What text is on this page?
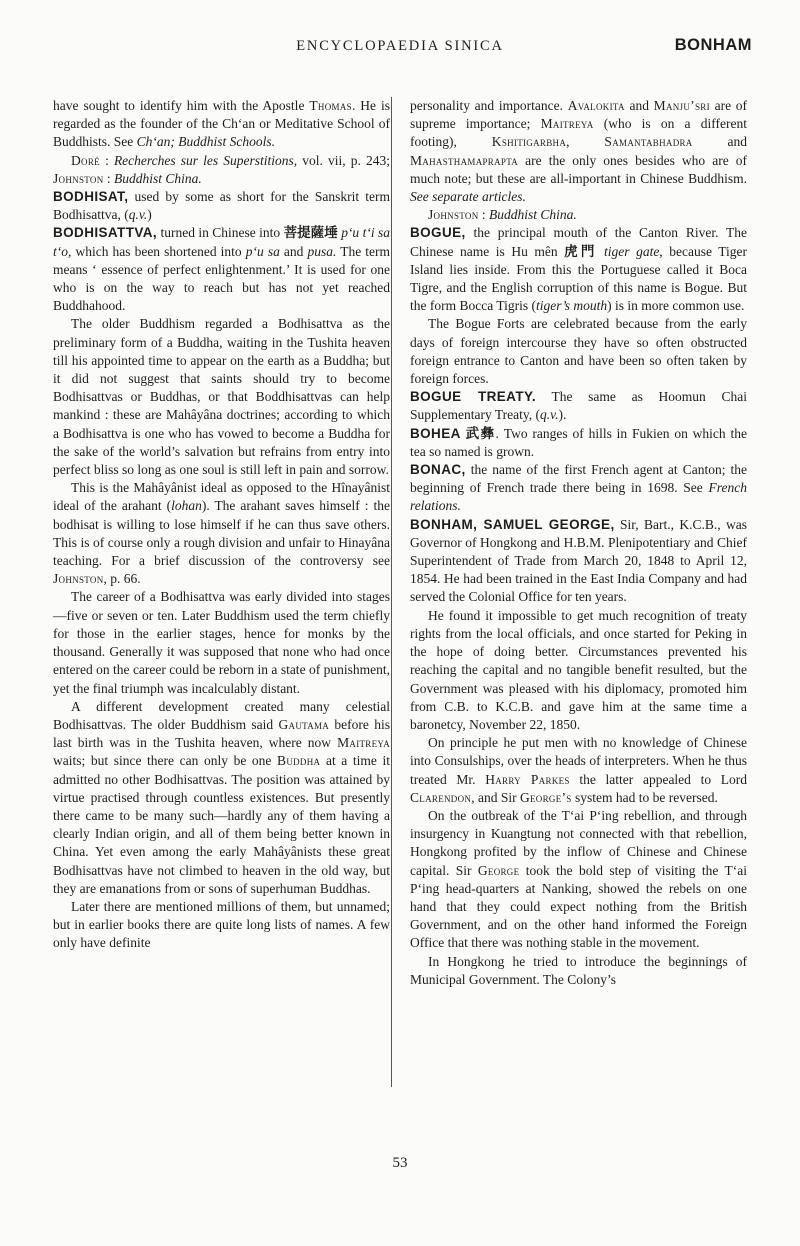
ENCYCLOPAEDIA SINICA	BONHAM

have sought to identify him with the Apostle Thomas. He is regarded as the founder of the Ch‘an or Meditative School of Buddhists. See Ch‘an; Buddhist Schools.

Doré : Recherches sur les Superstitions, vol. vii, p. 243; Johnston : Buddhist China.

BODHISAT, used by some as short for the Sanskrit term Bodhisattva, (q.v.)

BODHISATTVA, turned in Chinese into 菩提薩埵 p‘u t‘i sa t‘o, which has been shortened into p‘u sa and pusa. The term means ‘ essence of perfect enlightenment.’ It is used for one who is on the way to reach but has not yet reached Buddhahood.

The older Buddhism regarded a Bodhisattva as the preliminary form of a Buddha, waiting in the Tushita heaven till his appointed time to appear on the earth as a Buddha; but it did not suggest that saints should try to become Bodhisattvas or Buddhas, or that Boddhisattvas can help mankind : these are Mahâyâna doctrines; according to which a Bodhisattva is one who has vowed to become a Buddha for the sake of the world’s salvation but refrains from entry into perfect bliss so long as one soul is still left in pain and sorrow.

This is the Mahâyânist ideal as opposed to the Hînayânist ideal of the arahant (lohan). The arahant saves himself : the bodhisat is willing to lose himself if he can thus save others. This is of course only a rough division and unfair to Hinayâna teaching. For a brief discussion of the controversy see Johnston, p. 66.

The career of a Bodhisattva was early divided into stages—five or seven or ten. Later Buddhism used the term chiefly for those in the earlier stages, hence for monks by the thousand. Generally it was supposed that none who had once entered on the career could be reborn in a state of punishment, yet the final triumph was incalculably distant.

A different development created many celestial Bodhisattvas. The older Buddhism said Gautama before his last birth was in the Tushita heaven, where now Maitreya waits; but since there can only be one Buddha at a time it admitted no other Bodhisattvas. The position was attained by virtue practised through countless existences. But presently there came to be many such—hardly any of them having a clearly Indian origin, and all of them being better known in China. Yet even among the early Mahâyânists these great Bodhisattvas have not climbed to heaven in the old way, but they are emanations from or sons of superhuman Buddhas.

Later there are mentioned millions of them, but unnamed; but in earlier books there are quite long lists of names. A few only have definite

personality and importance. Avalokita and Manju’sri are of supreme importance; Maitreya (who is on a different footing), Kshitigarbha, Samantabhadra and Mahasthamaprapta are the only ones besides who are of much note; but these are all-important in Chinese Buddhism. See separate articles.

Johnston : Buddhist China.

BOGUE, the principal mouth of the Canton River. The Chinese name is Hu mên 虎門 tiger gate, because Tiger Island lies inside. From this the Portuguese called it Boca Tigre, and the English corruption of this name is Bogue. But the form Bocca Tigris (tiger’s mouth) is in more common use.

The Bogue Forts are celebrated because from the early days of foreign intercourse they have so often obstructed foreign entrance to Canton and have been so often taken by foreign forces.

BOGUE TREATY. The same as Hoomun Chai Supplementary Treaty, (q.v.).

BOHEA 武彝. Two ranges of hills in Fukien on which the tea so named is grown.

BONAC, the name of the first French agent at Canton; the beginning of French trade there being in 1698. See French relations.

BONHAM, SAMUEL GEORGE, Sir, Bart., K.C.B., was Governor of Hongkong and H.B.M. Plenipotentiary and Chief Superintendent of Trade from March 20, 1848 to April 12, 1854. He had been trained in the East India Company and had served the Colonial Office for ten years.

He found it impossible to get much recognition of treaty rights from the local officials, and once started for Peking in the hope of doing better. Circumstances prevented his reaching the capital and no tangible benefit resulted, but the Government was pleased with his diplomacy, promoted him from C.B. to K.C.B. and gave him at the same time a baronetcy, November 22, 1850.

On principle he put men with no knowledge of Chinese into Consulships, over the heads of interpreters. When he thus treated Mr. Harry Parkes the latter appealed to Lord Clarendon, and Sir George’s system had to be reversed.

On the outbreak of the T‘ai P‘ing rebellion, and through insurgency in Kuangtung not connected with that rebellion, Hongkong profited by the inflow of Chinese and Chinese capital. Sir George took the bold step of visiting the T‘ai P‘ing head-quarters at Nanking, showed the rebels on one hand that they could expect nothing from the British Government, and on the other hand informed the Foreign Office that there was nothing stable in the movement.

In Hongkong he tried to introduce the beginnings of Municipal Government. The Colony’s

53
